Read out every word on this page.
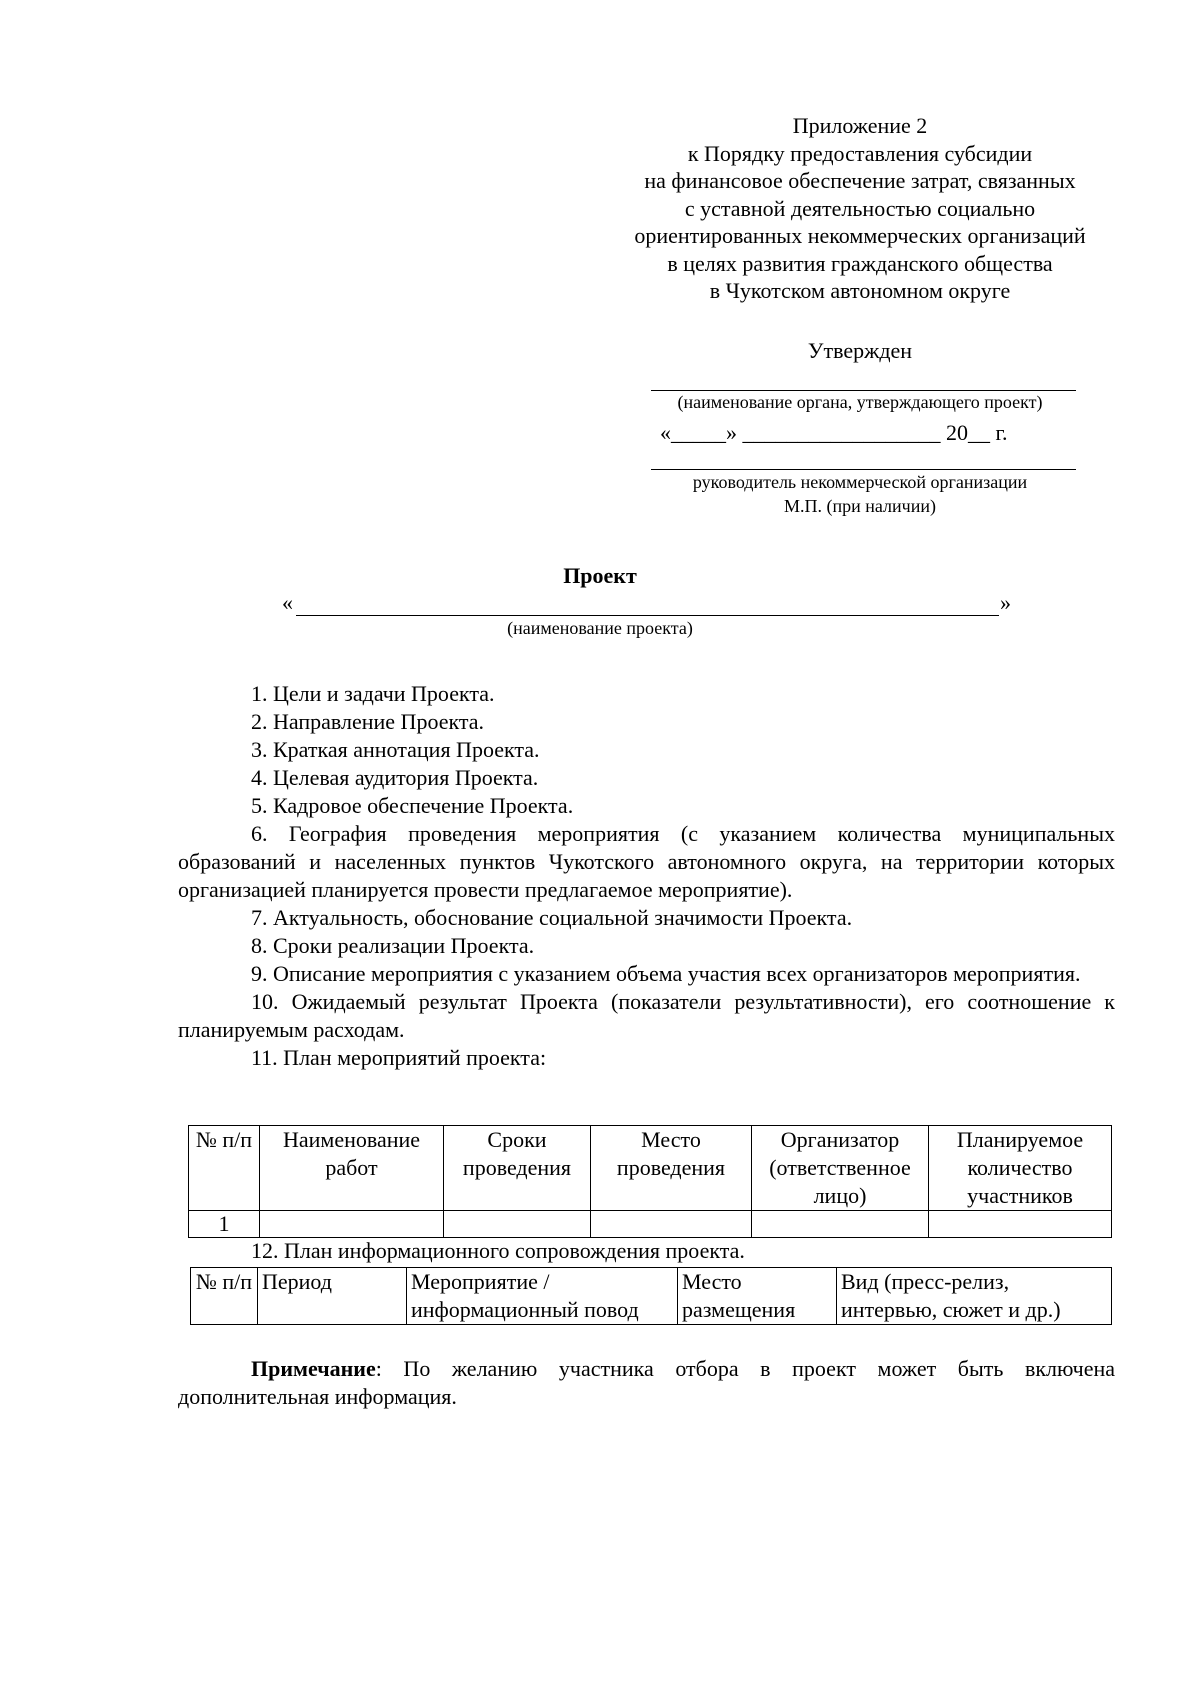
Приложение 2
к Порядку предоставления субсидии
на финансовое обеспечение затрат, связанных
с уставной деятельностью социально
ориентированных некоммерческих организаций
в целях развития гражданского общества
в Чукотском автономном округе
Утвержден
(наименование органа, утверждающего проект)
«_____» __________________ 20__ г.
руководитель некоммерческой организации
М.П. (при наличии)
Проект
«	»
(наименование проекта)

1. Цели и задачи Проекта.

2. Направление Проекта.

3. Краткая аннотация Проекта.

4. Целевая аудитория Проекта.

5. Кадровое обеспечение Проекта.

6. География проведения мероприятия (с указанием количества муниципальных образований и населенных пунктов Чукотского автономного округа, на территории которых организацией планируется провести предлагаемое мероприятие).

7. Актуальность, обоснование социальной значимости Проекта.

8. Сроки реализации Проекта.

9. Описание мероприятия с указанием объема участия всех организаторов мероприятия.

10. Ожидаемый результат Проекта (показатели результативности), его соотношение к планируемым расходам.

11. План мероприятий проекта:

№ п/п	Наименование работ	Сроки проведения	Место проведения	Организатор (ответственное лицо)	Планируемое количество участников
1					

12. План информационного сопровождения проекта.

№ п/п	Период	Мероприятие / информационный повод	Место размещения	Вид (пресс-релиз, интервью, сюжет и др.)

Примечание: По желанию участника отбора в проект может быть включена дополнительная информация.
